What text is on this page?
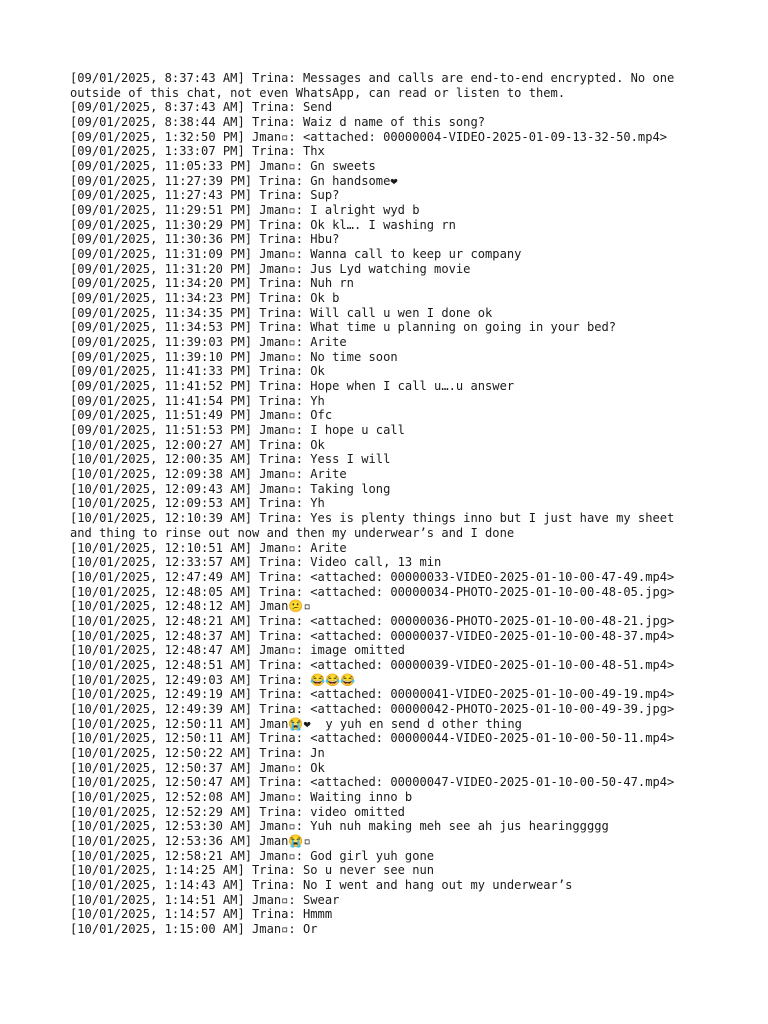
[09/01/2025, 8:37:43 AM] Trina: Messages and calls are end-to-end encrypted. No one outside of this chat, not even WhatsApp, can read or listen to them.
[09/01/2025, 8:37:43 AM] Trina: Send
[09/01/2025, 8:38:44 AM] Trina: Waiz d name of this song?
[09/01/2025, 1:32:50 PM] Jman▫: <attached: 00000004-VIDEO-2025-01-09-13-32-50.mp4>
[09/01/2025, 1:33:07 PM] Trina: Thx
[09/01/2025, 11:05:33 PM] Jman▫: Gn sweets
[09/01/2025, 11:27:39 PM] Trina: Gn handsome❤
[09/01/2025, 11:27:43 PM] Trina: Sup?
[09/01/2025, 11:29:51 PM] Jman▫: I alright wyd b
[09/01/2025, 11:30:29 PM] Trina: Ok kl…. I washing rn
[09/01/2025, 11:30:36 PM] Trina: Hbu?
[09/01/2025, 11:31:09 PM] Jman▫: Wanna call to keep ur company
[09/01/2025, 11:31:20 PM] Jman▫: Jus Lyd watching movie
[09/01/2025, 11:34:20 PM] Trina: Nuh rn
[09/01/2025, 11:34:23 PM] Trina: Ok b
[09/01/2025, 11:34:35 PM] Trina: Will call u wen I done ok
[09/01/2025, 11:34:53 PM] Trina: What time u planning on going in your bed?
[09/01/2025, 11:39:03 PM] Jman▫: Arite
[09/01/2025, 11:39:10 PM] Jman▫: No time soon
[09/01/2025, 11:41:33 PM] Trina: Ok
[09/01/2025, 11:41:52 PM] Trina: Hope when I call u….u answer
[09/01/2025, 11:41:54 PM] Trina: Yh
[09/01/2025, 11:51:49 PM] Jman▫: Ofc
[09/01/2025, 11:51:53 PM] Jman▫: I hope u call
[10/01/2025, 12:00:27 AM] Trina: Ok
[10/01/2025, 12:00:35 AM] Trina: Yess I will
[10/01/2025, 12:09:38 AM] Jman▫: Arite
[10/01/2025, 12:09:43 AM] Jman▫: Taking long
[10/01/2025, 12:09:53 AM] Trina: Yh
[10/01/2025, 12:10:39 AM] Trina: Yes is plenty things inno but I just have my sheet and thing to rinse out now and then my underwear’s and I done
[10/01/2025, 12:10:51 AM] Jman▫: Arite
[10/01/2025, 12:33:57 AM] Trina: Video call, 13 min
[10/01/2025, 12:47:49 AM] Trina: <attached: 00000033-VIDEO-2025-01-10-00-47-49.mp4>
[10/01/2025, 12:48:05 AM] Trina: <attached: 00000034-PHOTO-2025-01-10-00-48-05.jpg>
[10/01/2025, 12:48:12 AM] Jman😕▫
[10/01/2025, 12:48:21 AM] Trina: <attached: 00000036-PHOTO-2025-01-10-00-48-21.jpg>
[10/01/2025, 12:48:37 AM] Trina: <attached: 00000037-VIDEO-2025-01-10-00-48-37.mp4>
[10/01/2025, 12:48:47 AM] Jman▫: image omitted
[10/01/2025, 12:48:51 AM] Trina: <attached: 00000039-VIDEO-2025-01-10-00-48-51.mp4>
[10/01/2025, 12:49:03 AM] Trina: 😂😂😂
[10/01/2025, 12:49:19 AM] Trina: <attached: 00000041-VIDEO-2025-01-10-00-49-19.mp4>
[10/01/2025, 12:49:39 AM] Trina: <attached: 00000042-PHOTO-2025-01-10-00-49-39.jpg>
[10/01/2025, 12:50:11 AM] Jman😭❤  y yuh en send d other thing
[10/01/2025, 12:50:11 AM] Trina: <attached: 00000044-VIDEO-2025-01-10-00-50-11.mp4>
[10/01/2025, 12:50:22 AM] Trina: Jn
[10/01/2025, 12:50:37 AM] Jman▫: Ok
[10/01/2025, 12:50:47 AM] Trina: <attached: 00000047-VIDEO-2025-01-10-00-50-47.mp4>
[10/01/2025, 12:52:08 AM] Jman▫: Waiting inno b
[10/01/2025, 12:52:29 AM] Trina: video omitted
[10/01/2025, 12:53:30 AM] Jman▫: Yuh nuh making meh see ah jus hearinggggg
[10/01/2025, 12:53:36 AM] Jman😭▫
[10/01/2025, 12:58:21 AM] Jman▫: God girl yuh gone
[10/01/2025, 1:14:25 AM] Trina: So u never see nun
[10/01/2025, 1:14:43 AM] Trina: No I went and hang out my underwear’s
[10/01/2025, 1:14:51 AM] Jman▫: Swear
[10/01/2025, 1:14:57 AM] Trina: Hmmm
[10/01/2025, 1:15:00 AM] Jman▫: Or
